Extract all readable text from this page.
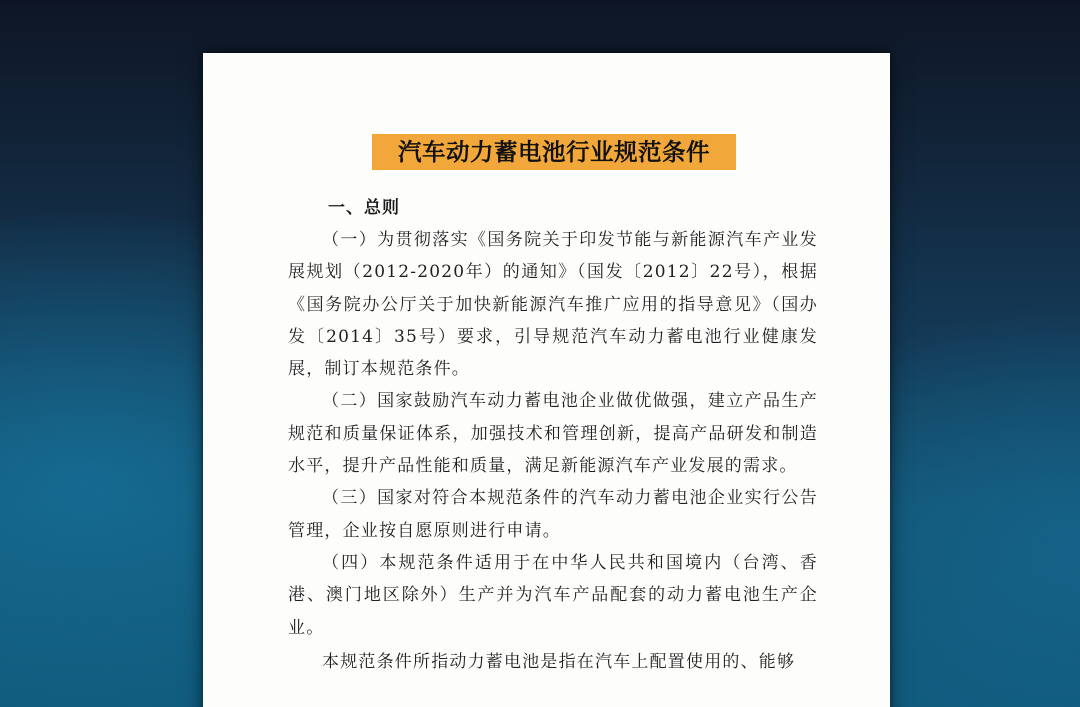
汽车动力蓄电池行业规范条件
一、总则

（一）为贯彻落实《国务院关于印发节能与新能源汽车产业发展规划（2012-2020年）的通知》（国发〔2012〕22号），根据《国务院办公厅关于加快新能源汽车推广应用的指导意见》（国办发〔2014〕35号）要求，引导规范汽车动力蓄电池行业健康发展，制订本规范条件。

（二）国家鼓励汽车动力蓄电池企业做优做强，建立产品生产规范和质量保证体系，加强技术和管理创新，提高产品研发和制造水平，提升产品性能和质量，满足新能源汽车产业发展的需求。

（三）国家对符合本规范条件的汽车动力蓄电池企业实行公告管理，企业按自愿原则进行申请。

（四）本规范条件适用于在中华人民共和国境内（台湾、香港、澳门地区除外）生产并为汽车产品配套的动力蓄电池生产企业。

本规范条件所指动力蓄电池是指在汽车上配置使用的、能够
